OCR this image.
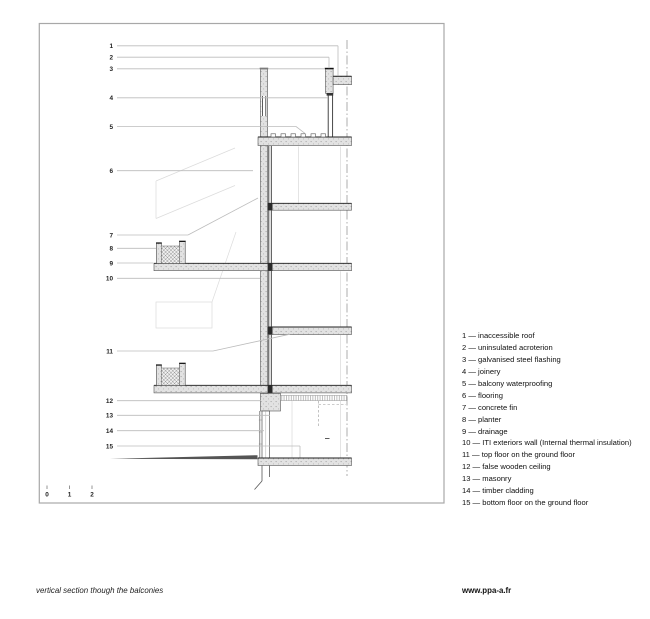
1
2
3
4
5
6
7
8
9
10
11
12
13
14
15
0	1	2
1 — inaccessible roof
2 — uninsulated acroterion
3 — galvanised steel flashing
4 — joinery
5 — balcony waterproofing
6 — flooring
7 — concrete fin
8 — planter
9 — drainage
10 — ITI exteriors wall (Internal thermal insulation)
11 — top floor on the ground floor
12 — false wooden ceiling
13 — masonry
14 — timber cladding
15 — bottom floor on the ground floor
vertical section though the balconies	www.ppa-a.fr
